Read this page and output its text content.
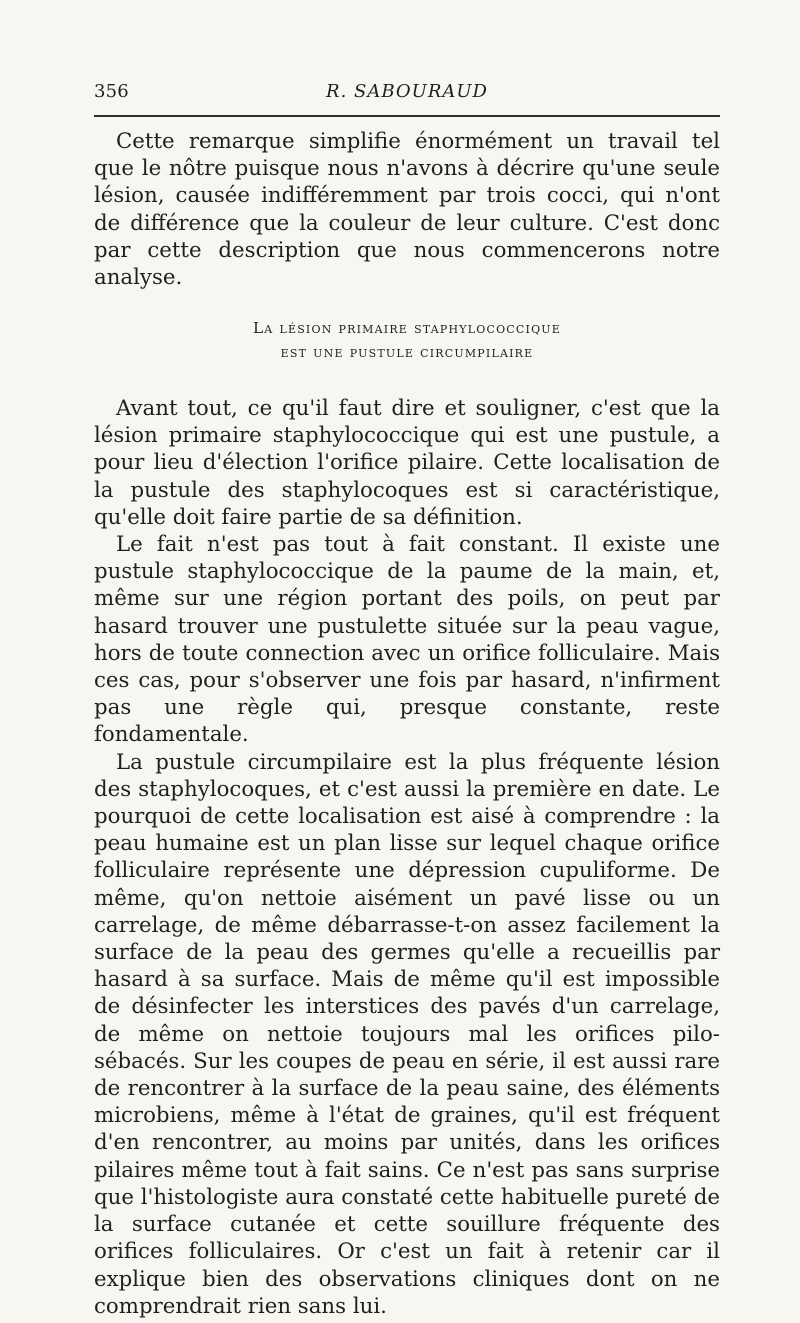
356	R. SABOURAUD

Cette remarque simplifie énormément un travail tel que le nôtre puisque nous n'avons à décrire qu'une seule lésion, causée indifféremment par trois cocci, qui n'ont de différence que la couleur de leur culture. C'est donc par cette description que nous commencerons notre analyse.

La lésion primaire staphylococcique
est une pustule circumpilaire

Avant tout, ce qu'il faut dire et souligner, c'est que la lésion primaire staphylococcique qui est une pustule, a pour lieu d'élection l'orifice pilaire. Cette localisation de la pustule des staphylocoques est si caractéristique, qu'elle doit faire partie de sa définition.

Le fait n'est pas tout à fait constant. Il existe une pustule staphylococcique de la paume de la main, et, même sur une région portant des poils, on peut par hasard trouver une pustulette située sur la peau vague, hors de toute connection avec un orifice folliculaire. Mais ces cas, pour s'observer une fois par hasard, n'infirment pas une règle qui, presque constante, reste fondamentale.

La pustule circumpilaire est la plus fréquente lésion des staphylocoques, et c'est aussi la première en date. Le pourquoi de cette localisation est aisé à comprendre : la peau humaine est un plan lisse sur lequel chaque orifice folliculaire représente une dépression cupuliforme. De même, qu'on nettoie aisément un pavé lisse ou un carrelage, de même débarrasse-t-on assez facilement la surface de la peau des germes qu'elle a recueillis par hasard à sa surface. Mais de même qu'il est impossible de désinfecter les interstices des pavés d'un carrelage, de même on nettoie toujours mal les orifices pilo-sébacés. Sur les coupes de peau en série, il est aussi rare de rencontrer à la surface de la peau saine, des éléments microbiens, même à l'état de graines, qu'il est fréquent d'en rencontrer, au moins par unités, dans les orifices pilaires même tout à fait sains. Ce n'est pas sans surprise que l'histologiste aura constaté cette habituelle pureté de la surface cutanée et cette souillure fréquente des orifices folliculaires. Or c'est un fait à retenir car il explique bien des observations cliniques dont on ne comprendrait rien sans lui.
